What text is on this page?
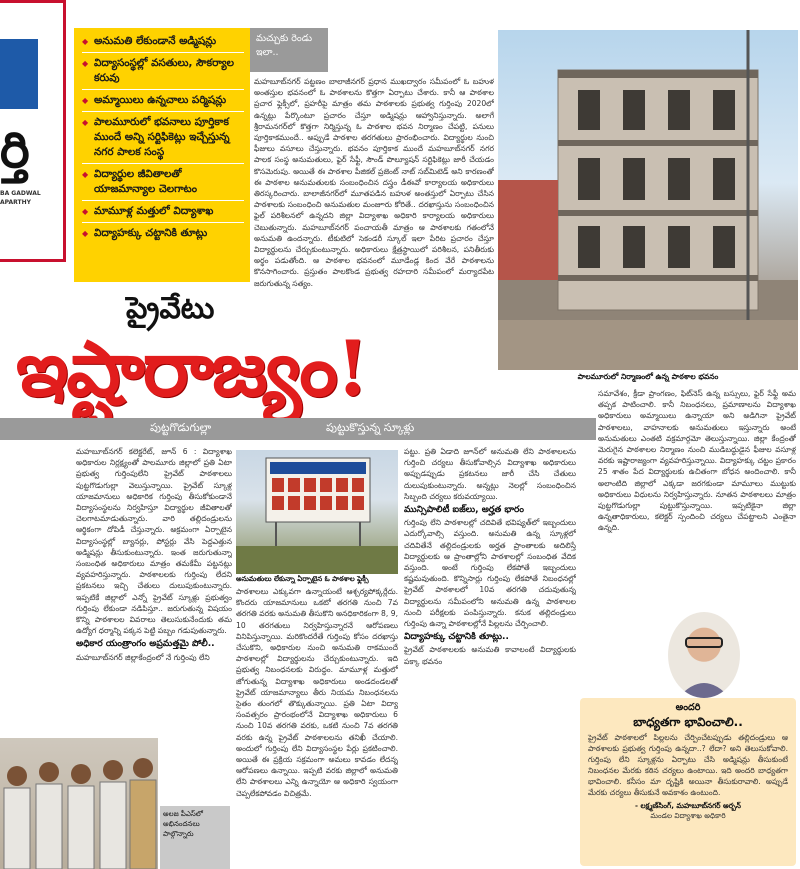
ర్తి
BA GADWAL
APARTHY
◆ అనుమతి లేకుండానే అడ్మిషన్లు
◆ విద్యాసంస్థల్లో వసతులు, సౌకర్యాల కరువు
◆ అమ్మాయిలు ఉన్నచాలు పర్మిషన్లు
◆ పాలమూరులో భవనాలు పూర్తికాక ముందే అన్ని సర్టిఫికెట్లు ఇచ్చేస్తున్న నగర పాలక సంస్థ
◆ విద్యార్థుల జీవితాలతో యాజమాన్యాల చెలగాటం
◆ మామూళ్ల మత్తులో విద్యాశాఖ
◆ విద్యాహక్కు చట్టానికి తూట్లు
మచ్చుకు రెండు ఇలా..

మహబూబ్‌నగర్ పట్టణం బాలాజీనగర్ ప్రధాన ముఖద్వారం సమీపంలో ఓ బహుళ అంతస్తుల భవనంలో ఓ పాఠశాలను కొత్తగా ఏర్పాటు చేశారు. కానీ ఆ పాఠశాల ప్రచార ఫ్లెక్సీలో, ప్రహరీపై మాత్రం తమ పాఠశాలకు ప్రభుత్వ గుర్తింపు 2020లో ఉన్నట్లు పేర్కొంటూ ప్రచారం చేస్తూ అడ్మిషన్లు ఆహ్వానిస్తున్నారు. అలాగే శ్రీరామనగర్‌లో కొత్తగా నిర్మిస్తున్న ఓ పాఠశాల భవన నిర్మాణం చేపట్టి, పనులు పూర్తికాకముందే.. అప్పుడే పాఠశాల తరగతులు ప్రారంభించారు. విద్యార్థుల నుంచి ఫీజులు వసూలు చేస్తున్నారు. భవనం పూర్తికాక ముందే మహబూబ్‌నగర్ నగర పాలక సంస్థ అనుమతులు, ఫైర్ సేఫ్టీ, సౌండ్ పొల్యూషన్ సర్టిఫికెట్లు జారీ చేయడం కొసమెరుపు. అయితే ఈ పాఠశాల పీజికల్ ప్రజెంట్ నాట్ సబ్‌మిటెడ్ అని కారణంతో ఈ పాఠశాల అనుమతులకు సంబంధించిన దస్త్రం డీఈవో కార్యాలయ అధికారులు తిరస్కరించారు. బాలాజీనగర్‌లో మూతపడిన బహుళ అంతస్తులో ఏర్పాటు చేసిన పాఠశాలకు సంబంధించి అనుమతుల మంజూరు కోరితే.. దరఖాస్తును సంబంధించిన ఫైల్ పరిశీలనలో ఉన్నదని జిల్లా విద్యాశాఖ అధికారి కార్యాలయ అధికారులు చెబుతున్నారు. మహబూబ్‌నగర్ పంచాయతీ మాత్రం ఆ పాఠశాలకు గతంలోనే అనుమతి ఉందన్నారు. టీకుటిలో సెకండరీ స్కూల్ ఇలా పేరిట ప్రచారం చేస్తూ విద్యార్థులను చేర్చుకుంటున్నారు. అధికారులు క్షేత్రస్థాయిలో పరిశీలన, పనితీరుకు అర్థం పడుతోంది. ఆ పాఠశాల భవనంలో మూడేండ్ల కింద వేరే పాఠశాలను కొనసాగించారు. ప్రస్తుతం పాలకొండ ప్రభుత్వ రహదారి సమీపంలో మర్యాదపేట జరుగుతున్న సత్యం.

పాలమూరులో నిర్మాణంలో ఉన్న పాఠశాల భవనం
ప్రైవేటు
ఇష్టారాజ్యం!
పుట్టగొడుగుల్లా	పుట్టుకొస్తున్న స్కూళ్లు

సమావేశం, క్రీడా ప్రాంగణం, ఫిట్‌నెస్ ఉన్న బస్సులు, ఫైర్ సేఫ్టీ అమ తప్పక పాటించాలి. కానీ నిబంధనలు, ప్రమాణాలను విద్యాశాఖ అధికారులు అమ్మాయిలు ఉన్నాయా అని అడిగినా ప్రైవేట్ పాఠశాలలు, వాహనాలకు అనుమతులు ఇస్తున్నారు అంటే అనుమతులు ఎంతటి వక్రమార్గమో తెలుస్తున్నాయి. జిల్లా కేంద్రంతో మెరుగైన పాఠశాలల నిర్మాణం నుంచి ముడిబద్ధుడైన ఫీజుల వసూళ్ల వరకు ఇష్టారాజ్యంగా వ్యవహరిస్తున్నాయి. విద్యాహక్కు చట్టం ప్రకారం 25 శాతం పేద విద్యార్థులకు ఉచితంగా బోధన అందించాలి. కానీ అలాంటిది జిల్లాలో ఎక్కడా జరగకుండా మామూలు ముట్టుకు అధికారులు విధులను నిర్వహిస్తున్నారు. నూతన పాఠశాలలు మాత్రం పుట్టగొడుగుల్లా పుట్టుకొస్తున్నాయి. ఇప్పటికైనా జిల్లా ఉన్నతాధికారులు, కలెక్టర్ స్పందించి చర్యలు చేపట్టాలని ఎంతైనా ఉన్నది.

మహబూబ్‌నగర్ కలెక్టరేట్, జూన్ 6 : విద్యాశాఖ అధికారుల నిర్లక్ష్యంతో పాలమూరు జిల్లాలో ప్రతి ఏటా ప్రభుత్వ గుర్తింపులేని ప్రైవేట్ పాఠశాలలు పుట్టగొడుగుల్లా వెలుస్తున్నాయి. ప్రైవేట్ స్కూళ్ల యాజమానులు అధికారిక గుర్తింపు తీసుకోకుండానే విద్యాసంస్థలను నిర్వహిస్తూ విద్యార్థుల జీవితాలతో చెలగాటమాడుతున్నారు. వారి తల్లిదండ్రులను ఆర్థికంగా దోపిడీ చేస్తున్నారు. అక్రమంగా ఏర్పాటైన విద్యాసంస్థల్లో బ్యానర్లు, పోస్టర్లు వేసి పెద్దఎత్తున అడ్మిషన్లు తీసుకుంటున్నారు. ఇంత జరుగుతున్నా సంబంధిత అధికారులు మాత్రం తమకేమీ పట్టనట్లు వ్యవహరిస్తున్నారు. పాఠశాలలకు గుర్తింపు లేదని ప్రకటనలు ఇచ్చి చేతులు దులుపుకుంటున్నారు. ఇప్పటికే జిల్లాలో ఎన్నో ప్రైవేట్ స్కూళ్లు ప్రభుత్వం గుర్తింపు లేకుండా నడిపిస్తూ.. జరుగుతున్న విషయం కొన్ని పాఠశాలల వివరాలు తెలుసుకునేందుకు తమ ఉద్యోగ ధర్మాన్ని పక్కన పెట్టి పబ్బం గడుపుతున్నారు.

అధికార యంత్రాంగం అప్రమత్తమై పోలీ..

మహబూబ్‌నగర్ జిల్లాకేంద్రంలో నే గుర్తింపు లేని

అనుమతులు లేకున్నా ఏర్పాటైన ఓ పాఠశాల ఫ్లెక్సీ

పాఠశాలలు ఎక్కువగా ఉన్నాయంటే ఆశ్చర్యపోక్కర్లేదు. కొందరు యాజమానులు ఒకటో తరగతి నుంచి 7వ తరగతి వరకు అనుమతి తీసుకొని అనధికారికంగా 8, 9, 10 తరగతులు నిర్వహిస్తున్నారనే ఆరోపణలు వినిపిస్తున్నాయి. మరికొందరేతే గుర్తింపు కోసం దరఖాస్తు చేసుకొని, అధికారుల నుంచి అనుమతి రాకముందే పాఠశాలల్లో విద్యార్థులను చేర్చుకుంటున్నారు. ఇది ప్రభుత్వ నిబంధనలకు విరుద్ధం. మామూళ్ల మత్తులో జోగుతున్న విద్యాశాఖ అధికారులు అండదండలతో ప్రైవేట్ యాజమాన్యాలు తీరు నియమ నిబంధనలను సైతం తుంగలో తొక్కుతున్నాయి. ప్రతి ఏటా విద్యా సంవత్సరం ప్రారంభంలోనే విద్యాశాఖ అధికారులు 6 నుంచి 10వ తరగతి వరకు, ఒకటి నుంచి 7వ తరగతి వరకు ఉన్న ప్రైవేట్ పాఠశాలలను తనిఖీ చేయాలి. అందులో గుర్తింపు లేని విద్యాసంస్థల పేర్లు ప్రకటించాలి. అయితే ఈ ప్రక్రియ సక్రమంగా అమలు కావడం లేదన్న ఆరోపణలు ఉన్నాయి. ఇప్పటి వరకు జిల్లాలో అనుమతి లేని పాఠశాలలు ఎన్ని ఉన్నాయో ఆ అధికారి స్వయంగా చెప్పలేకపోవడం విచిత్రమే.

పట్టు. ప్రతి ఏడాది జూన్‌లో అనుమతి లేని పాఠశాలలను గుర్తించి చర్యలు తీసుకోవాల్సిన విద్యాశాఖ అధికారులు అప్పుడప్పుడు ప్రకటనలు జారీ చేసి చేతులు దులుపుకుంటున్నారు. అన్నట్లు నెలల్లో సంబంధించిన సిబ్బంది చర్యలు కరువయ్యాయి.

మున్సిపాలిటీ ఐజ్‌లు, అర్హత భారం

గుర్తింపు లేని పాఠశాలల్లో చదివితే భవిష్యత్‌లో ఇబ్బందులు ఎదుర్కోవాల్సి వస్తుంది. అనుమతి ఉన్న స్కూళ్లలో చదివితేనే తల్లిదండ్రులకు అర్హత ప్రాంతాలకు అదిలిస్తే విద్యార్థులకు ఆ ప్రాంతాల్లోని పాఠశాలల్లో సంబంధిత వేదిక వస్తుంది. అంటే గుర్తింపు లేకపోతే ఇబ్బందులు కష్టమవుతుంది. కొన్నిసార్లు గుర్తింపు లేకపోతే నిబంధనల్లో ప్రైవేట్ పాఠశాలలో 10వ తరగతి చదువుతున్న విద్యార్థులను సమీపంలోని అనుమతి ఉన్న పాఠశాలల నుంచి పరీక్షలకు పంపిస్తున్నారు. కనుక తల్లిదండ్రులు గుర్తింపు ఉన్నా పాఠశాలల్లోనే పిల్లలను చేర్పించాలి.

విద్యాహక్కు చట్టానికి తూట్లు..

ప్రైవేట్ పాఠశాలలకు అనుమతి కావాలంటే విద్యార్థులకు పక్కా భవనం

అలజ పీఎస్‌లో అభినందనలు పాల్గొన్నారు
అందరి
బాధ్యతగా భావించాలి..
ప్రైవేట్ పాఠశాలలో పిల్లలను చేర్పించేటప్పుడు తల్లిదండ్రులు ఆ పాఠశాలకు ప్రభుత్వ గుర్తింపు ఉన్నదా..? లేదా? అని తెలుసుకోవాలి. గుర్తింపు లేని స్కూళ్లను ఏర్పాటు చేసి అడ్మిషన్లు తీసుకుంటే నిబంధనల మేరకు కఠిన చర్యలు ఉంటాయి. ఇది అందరి బాధ్యతగా భావించాలి. కనీసం మా దృష్టికి అయినా తీసుకురావాలి. అప్పుడే మేరకు చర్యలు తీసుకునే అవకాశం ఉంటుంది.
- లక్ష్మణ్‌సింగ్, మహబూబ్‌నగర్ అర్బన్
మండల విద్యాశాఖ అధికారి
